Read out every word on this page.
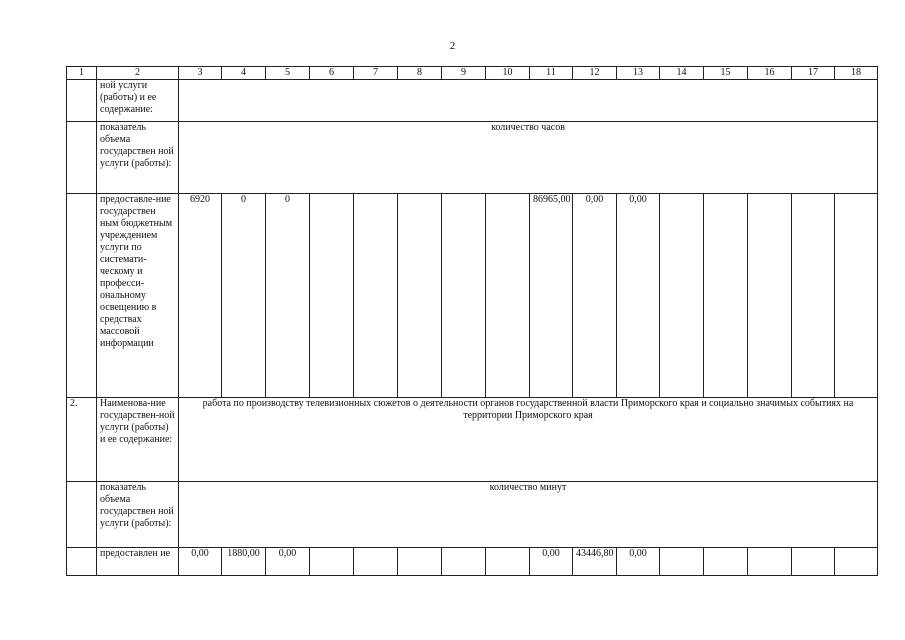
2
1	2	3	4	5	6	7	8	9	10	11	12	13	14	15	16	17	18
	ной услуги (работы) и ее содержание:																
	показатель объема государствен ной услуги (работы):	количество часов															
	предоставле-ние государствен ным бюджетным учреждением услуги по системати-ческому и професси-ональному освещению в средствах массовой информации	6920	0	0						86965,00	0,00	0,00					
2.	Наименова-ние государствен-ной услуги (работы) и ее содержание:	работа по производству телевизионных сюжетов о деятельности органов государственной власти Приморского края и социально значимых событиях на территории Приморского края															
	показатель объема государствен ной услуги (работы):	количество минут															
	предоставлен ие	0,00	1880,00	0,00						0,00	43446,80	0,00					
